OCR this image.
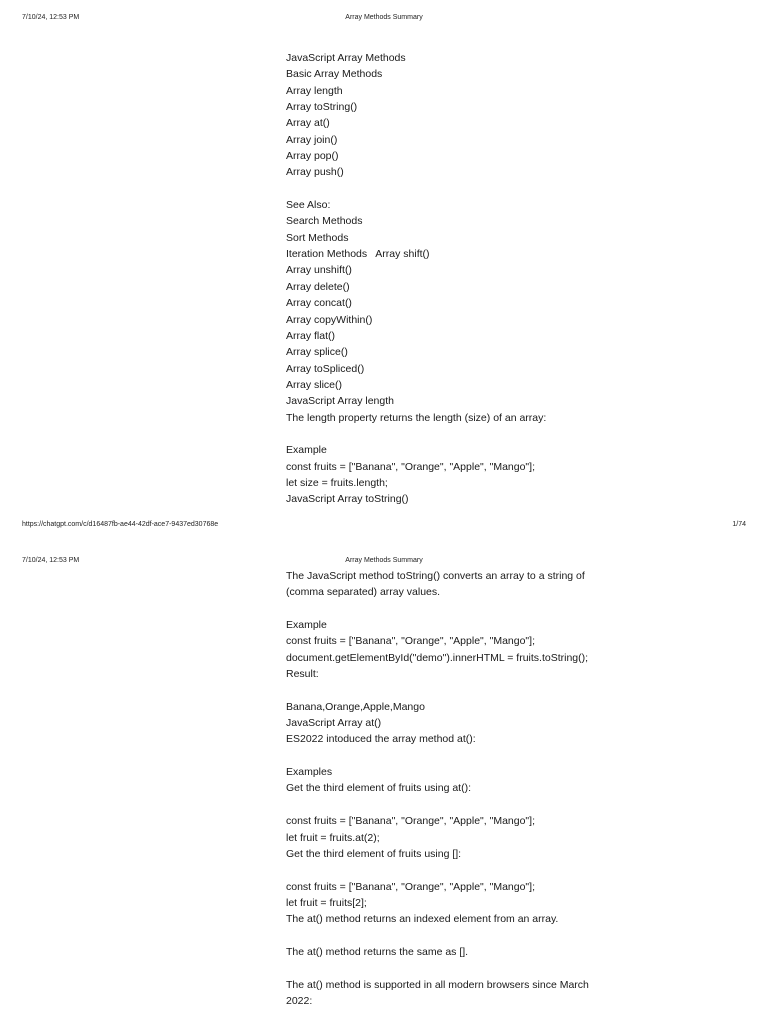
7/10/24, 12:53 PM	Array Methods Summary
JavaScript Array Methods
Basic Array Methods
Array length
Array toString()
Array at()
Array join()
Array pop()
Array push()
See Also:
Search Methods
Sort Methods
Iteration Methods   Array shift()
Array unshift()
Array delete()
Array concat()
Array copyWithin()
Array flat()
Array splice()
Array toSpliced()
Array slice()
JavaScript Array length
The length property returns the length (size) of an array:
Example
const fruits = ["Banana", "Orange", "Apple", "Mango"];
let size = fruits.length;
JavaScript Array toString()
https://chatgpt.com/c/d16487fb-ae44-42df-ace7-9437ed30768e	1/74
7/10/24, 12:53 PM	Array Methods Summary
The JavaScript method toString() converts an array to a string of
(comma separated) array values.
Example
const fruits = ["Banana", "Orange", "Apple", "Mango"];
document.getElementById("demo").innerHTML = fruits.toString();
Result:
Banana,Orange,Apple,Mango
JavaScript Array at()
ES2022 intoduced the array method at():
Examples
Get the third element of fruits using at():
const fruits = ["Banana", "Orange", "Apple", "Mango"];
let fruit = fruits.at(2);
Get the third element of fruits using []:
const fruits = ["Banana", "Orange", "Apple", "Mango"];
let fruit = fruits[2];
The at() method returns an indexed element from an array.
The at() method returns the same as [].
The at() method is supported in all modern browsers since March
2022:
